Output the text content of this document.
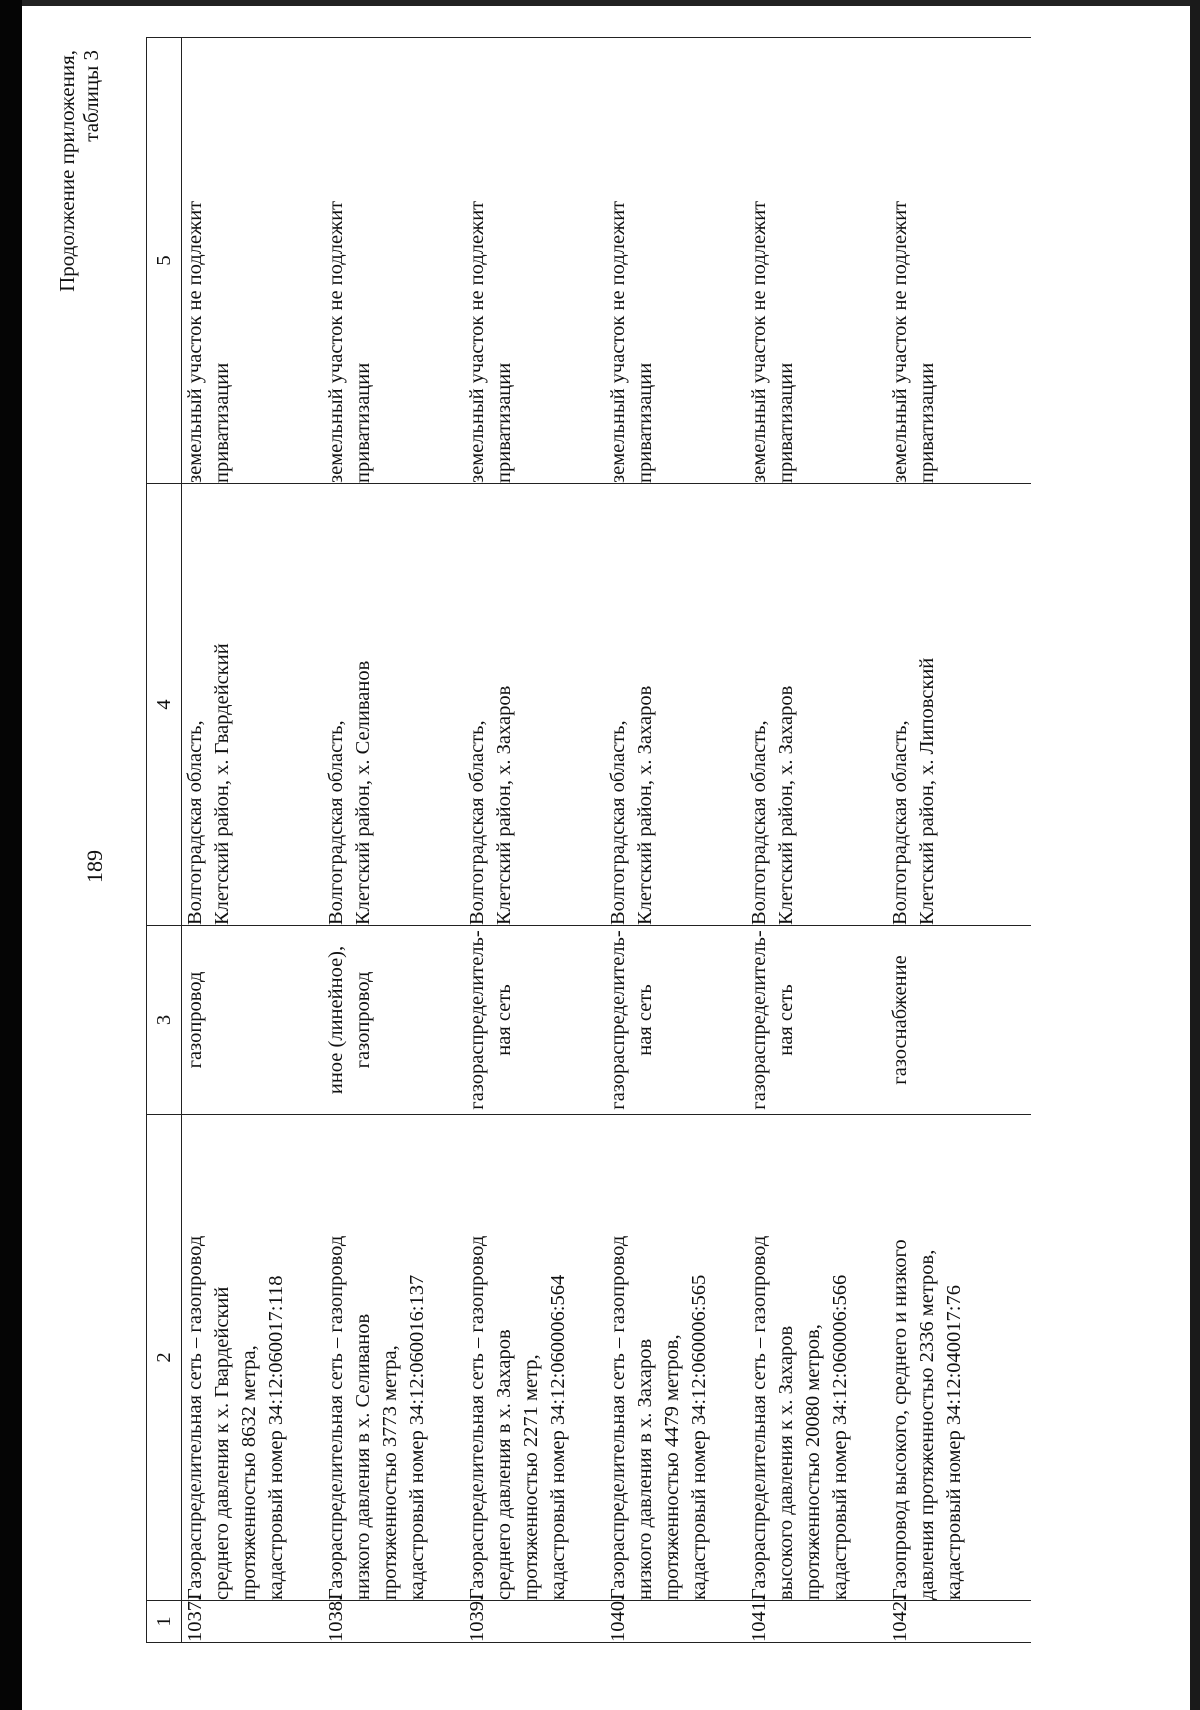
189
Продолжение приложения, таблицы 3
1	2	3	4	5
1037.	Газораспределительная сеть – газопровод среднего давления к х. Гвардейский протяженностью 8632 метра, кадастровый номер 34:12:060017:118	газопровод	Волгоградская область, Клетский район, х. Гвардейский	земельный участок не подлежит приватизации

1038.	Газораспределительная сеть – газопровод низкого давления в х. Селиванов протяженностью 3773 метра, кадастровый номер 34:12:060016:137	иное (линейное), газопровод	Волгоградская область, Клетский район, х. Селиванов	земельный участок не подлежит приватизации

1039.	Газораспределительная сеть – газопровод среднего давления в х. Захаров протяженностью 2271 метр, кадастровый номер 34:12:060006:564	газораспределитель- ная сеть	Волгоградская область, Клетский район, х. Захаров	земельный участок не подлежит приватизации

1040.	Газораспределительная сеть – газопровод низкого давления в х. Захаров протяженностью 4479 метров, кадастровый номер 34:12:060006:565	газораспределитель- ная сеть	Волгоградская область, Клетский район, х. Захаров	земельный участок не подлежит приватизации

1041.	Газораспределительная сеть – газопровод высокого давления к х. Захаров протяженностью 20080 метров, кадастровый номер 34:12:060006:566	газораспределитель- ная сеть	Волгоградская область, Клетский район, х. Захаров	земельный участок не подлежит приватизации

1042.	Газопровод высокого, среднего и низкого давления протяженностью 2336 метров, кадастровый номер 34:12:040017:76	газоснабжение	Волгоградская область, Клетский район, х. Липовский	земельный участок не подлежит приватизации
